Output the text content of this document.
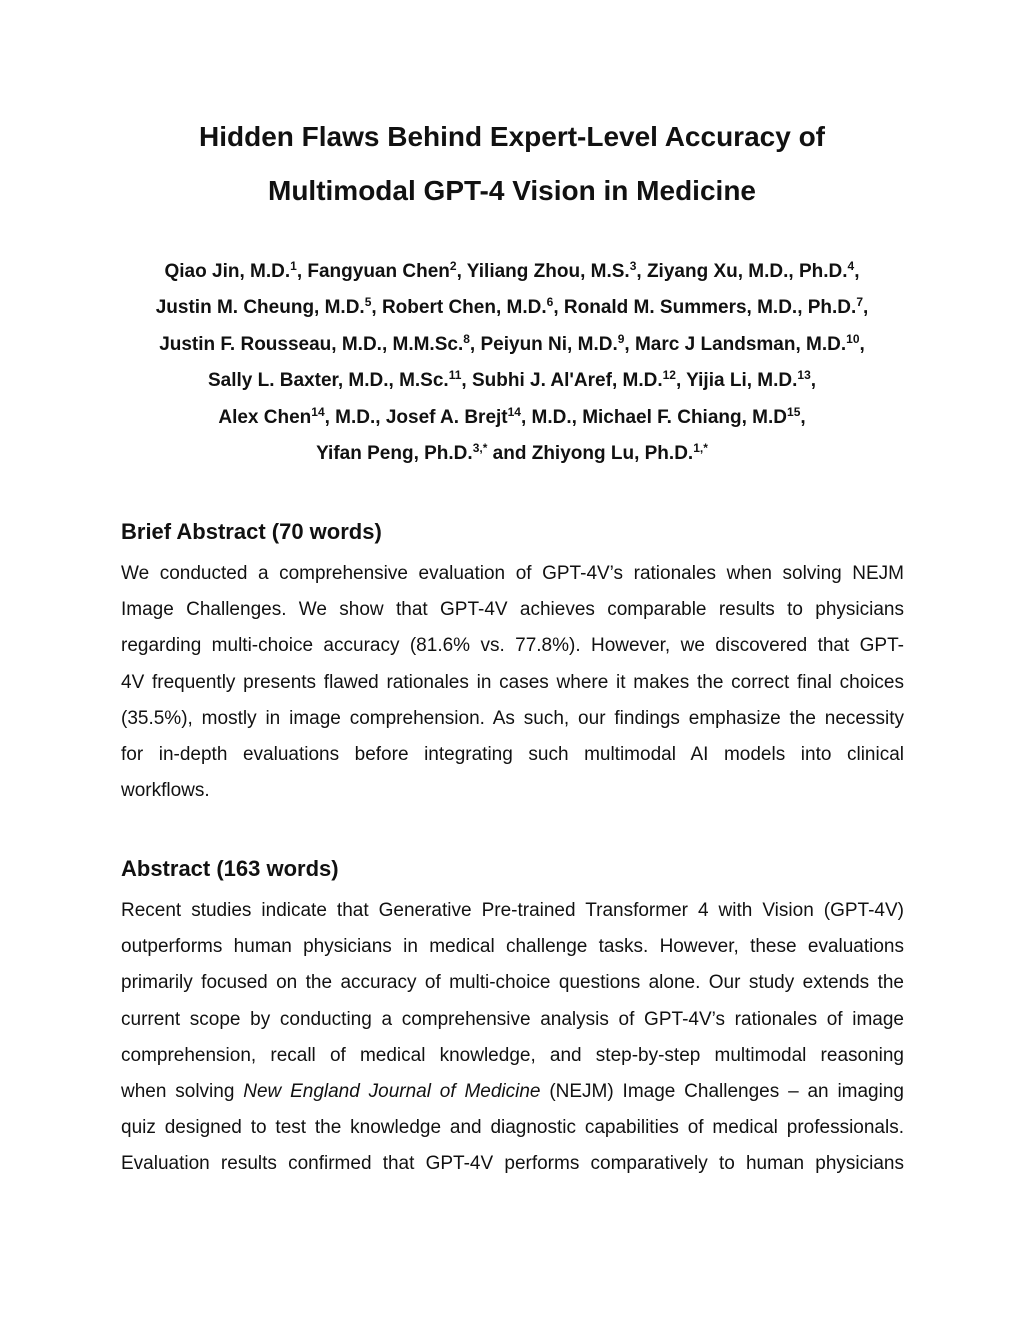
Hidden Flaws Behind Expert-Level Accuracy of
Multimodal GPT-4 Vision in Medicine
Qiao Jin, M.D.$^1$, Fangyuan Chen$^2$, Yiliang Zhou, M.S.$^3$, Ziyang Xu, M.D., Ph.D.$^4$,
Justin M. Cheung, M.D.$^5$, Robert Chen, M.D.$^6$, Ronald M. Summers, M.D., Ph.D.$^7$,
Justin F. Rousseau, M.D., M.M.Sc.$^8$, Peiyun Ni, M.D.$^9$, Marc J Landsman, M.D.$^{10}$,
Sally L. Baxter, M.D., M.Sc.$^{11}$, Subhi J. Al'Aref, M.D.$^{12}$, Yijia Li, M.D.$^{13}$,
Alex Chen$^{14}$, M.D., Josef A. Brejt$^{14}$, M.D., Michael F. Chiang, $M.D^{15}$,
Yifan Peng, Ph.D.$^{3,*}$ and Zhiyong Lu, Ph.D.$^{1,*}$
Brief Abstract (70 words)
We conducted a comprehensive evaluation of GPT-4V’s rationales when solving NEJM
Image Challenges. We show that GPT-4V achieves comparable results to physicians
regarding multi-choice accuracy (81.6% vs. 77.8%). However, we discovered that GPT-
4V frequently presents flawed rationales in cases where it makes the correct final choices
(35.5%), mostly in image comprehension. As such, our findings emphasize the necessity
for in-depth evaluations before integrating such multimodal AI models into clinical
workflows.
Abstract (163 words)
Recent studies indicate that Generative Pre-trained Transformer 4 with Vision (GPT-4V)
outperforms human physicians in medical challenge tasks. However, these evaluations
primarily focused on the accuracy of multi-choice questions alone. Our study extends the
current scope by conducting a comprehensive analysis of GPT-4V’s rationales of image
comprehension, recall of medical knowledge, and step-by-step multimodal reasoning
when solving New England Journal of Medicine (NEJM) Image Challenges – an imaging
quiz designed to test the knowledge and diagnostic capabilities of medical professionals.
Evaluation results confirmed that GPT-4V performs comparatively to human physicians
